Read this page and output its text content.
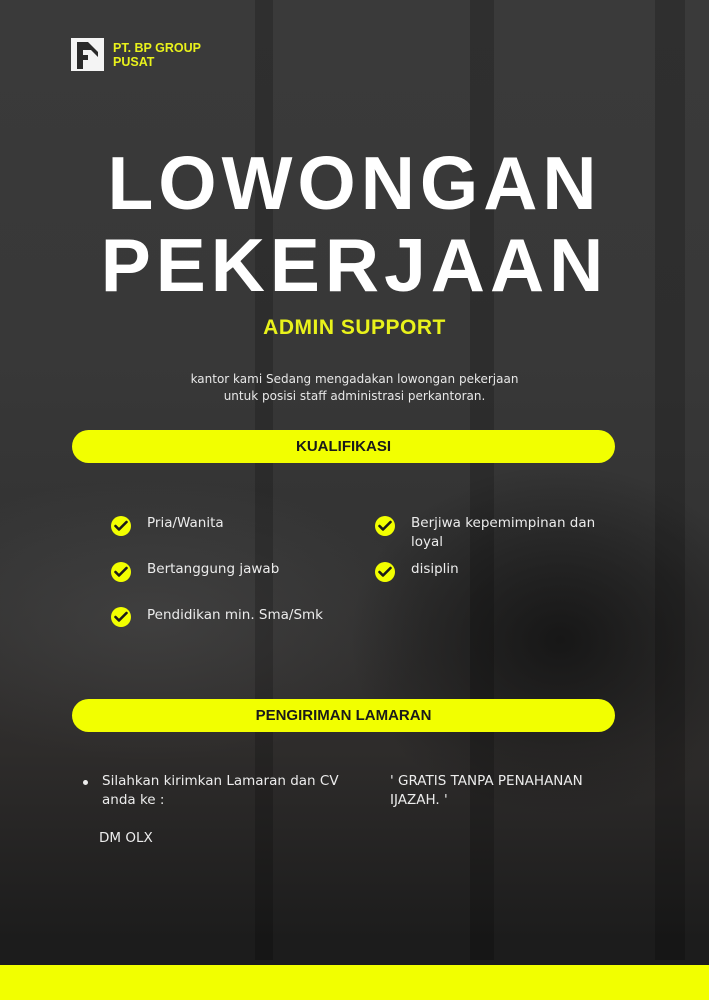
PT. BP GROUP
PUSAT
LOWONGAN
PEKERJAAN
ADMIN SUPPORT
kantor kami Sedang mengadakan lowongan pekerjaan
untuk posisi staff administrasi perkantoran.
KUALIFIKASI
Pria/Wanita
Bertanggung jawab
Pendidikan min. Sma/Smk
Berjiwa kepemimpinan dan
loyal
disiplin
PENGIRIMAN LAMARAN
Silahkan kirimkan Lamaran dan CV
anda ke :
DM OLX
' GRATIS TANPA PENAHANAN
IJAZAH. '
